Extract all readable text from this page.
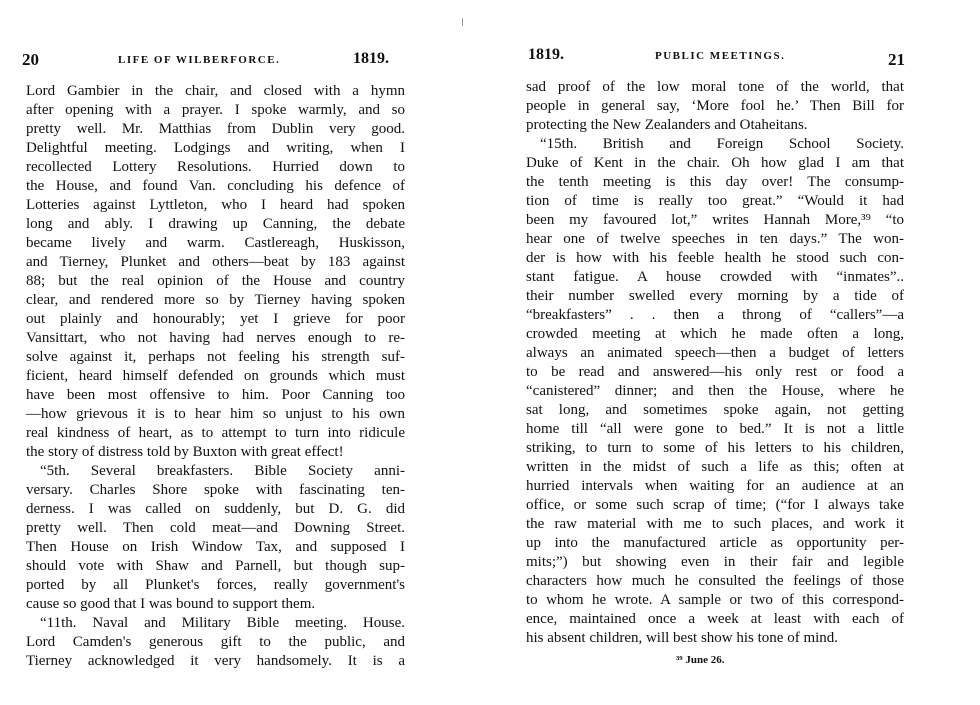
20	LIFE OF WILBERFORCE.	1819.
Lord Gambier in the chair, and closed with a hymn
after opening with a prayer. I spoke warmly, and so
pretty well. Mr. Matthias from Dublin very good.
Delightful meeting. Lodgings and writing, when I
recollected Lottery Resolutions. Hurried down to
the House, and found Van. concluding his defence of
Lotteries against Lyttleton, who I heard had spoken
long and ably. I drawing up Canning, the debate
became lively and warm. Castlereagh, Huskisson,
and Tierney, Plunket and others—beat by 183 against
88; but the real opinion of the House and country
clear, and rendered more so by Tierney having spoken
out plainly and honourably; yet I grieve for poor
Vansittart, who not having had nerves enough to re-
solve against it, perhaps not feeling his strength suf-
ficient, heard himself defended on grounds which must
have been most offensive to him. Poor Canning too
—how grievous it is to hear him so unjust to his own
real kindness of heart, as to attempt to turn into ridicule
the story of distress told by Buxton with great effect!
“5th. Several breakfasters. Bible Society anni-
versary. Charles Shore spoke with fascinating ten-
derness. I was called on suddenly, but D. G. did
pretty well. Then cold meat—and Downing Street.
Then House on Irish Window Tax, and supposed I
should vote with Shaw and Parnell, but though sup-
ported by all Plunket's forces, really government's
cause so good that I was bound to support them.
“11th. Naval and Military Bible meeting. House.
Lord Camden's generous gift to the public, and
Tierney acknowledged it very handsomely. It is a
1819.	PUBLIC MEETINGS.	21
sad proof of the low moral tone of the world, that
people in general say, ‘More fool he.’ Then Bill for
protecting the New Zealanders and Otaheitans.
“15th. British and Foreign School Society.
Duke of Kent in the chair. Oh how glad I am that
the tenth meeting is this day over! The consump-
tion of time is really too great.” “Would it had
been my favoured lot,” writes Hannah More,³⁹ “to
hear one of twelve speeches in ten days.” The won-
der is how with his feeble health he stood such con-
stant fatigue. A house crowded with “inmates”..
their number swelled every morning by a tide of
“breakfasters” . . then a throng of “callers”—a
crowded meeting at which he made often a long,
always an animated speech—then a budget of letters
to be read and answered—his only rest or food a
“canistered” dinner; and then the House, where he
sat long, and sometimes spoke again, not getting
home till “all were gone to bed.” It is not a little
striking, to turn to some of his letters to his children,
written in the midst of such a life as this; often at
hurried intervals when waiting for an audience at an
office, or some such scrap of time; (“for I always take
the raw material with me to such places, and work it
up into the manufactured article as opportunity per-
mits;”) but showing even in their fair and legible
characters how much he consulted the feelings of those
to whom he wrote. A sample or two of this correspond-
ence, maintained once a week at least with each of
his absent children, will best show his tone of mind.
³⁹ June 26.
